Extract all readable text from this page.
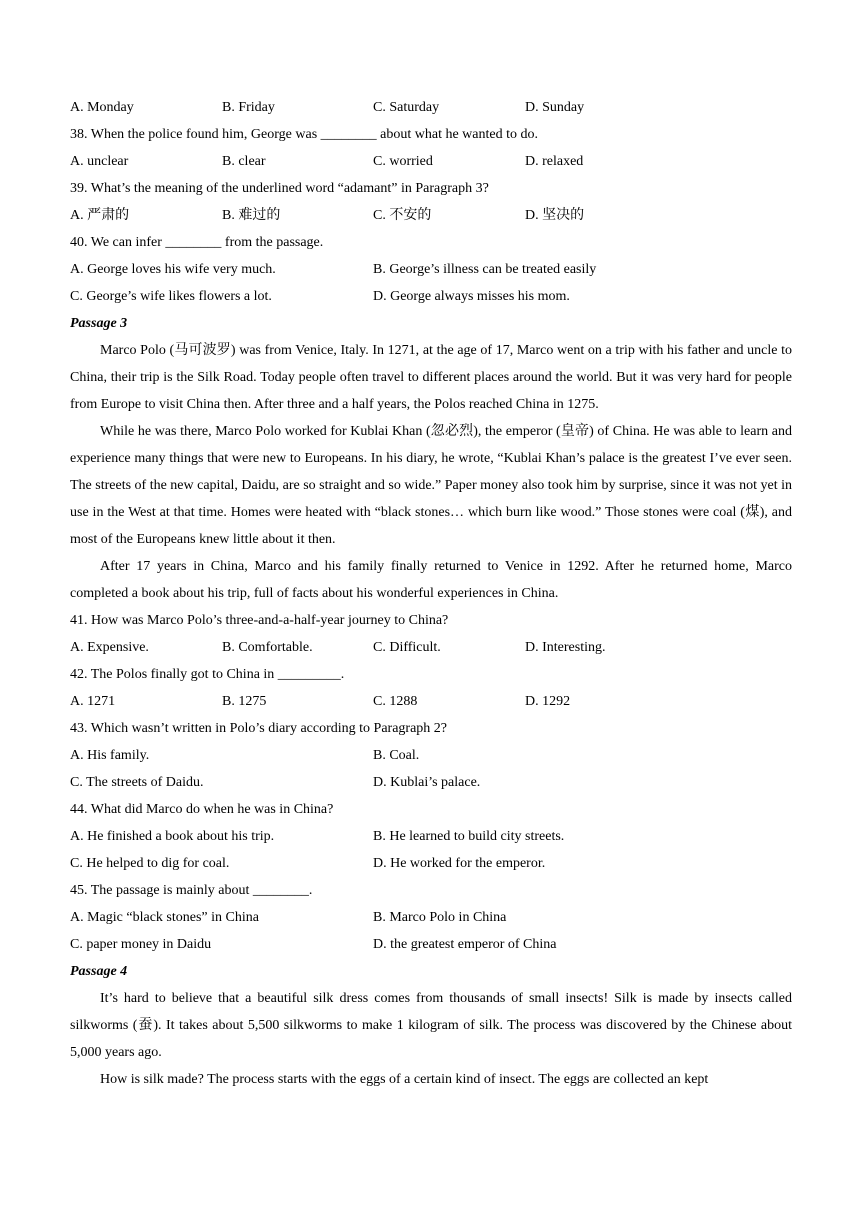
A. Monday	B. Friday	C. Saturday	D. Sunday
38. When the police found him, George was ________ about what he wanted to do.
A. unclear	B. clear	C. worried	D. relaxed
39. What’s the meaning of the underlined word “adamant” in Paragraph 3?
A. 严肃的	B. 难过的	C. 不安的	D. 坚决的
40. We can infer ________ from the passage.
A. George loves his wife very much.	B. George’s illness can be treated easily
C. George’s wife likes flowers a lot.	D. George always misses his mom.
Passage 3

Marco Polo (马可波罗) was from Venice, Italy. In 1271, at the age of 17, Marco went on a trip with his father and uncle to China, their trip is the Silk Road. Today people often travel to different places around the world. But it was very hard for people from Europe to visit China then. After three and a half years, the Polos reached China in 1275.

While he was there, Marco Polo worked for Kublai Khan (忽必烈), the emperor (皇帝) of China. He was able to learn and experience many things that were new to Europeans. In his diary, he wrote, “Kublai Khan’s palace is the greatest I’ve ever seen. The streets of the new capital, Daidu, are so straight and so wide.” Paper money also took him by surprise, since it was not yet in use in the West at that time. Homes were heated with “black stones… which burn like wood.” Those stones were coal (煤), and most of the Europeans knew little about it then.

After 17 years in China, Marco and his family finally returned to Venice in 1292. After he returned home, Marco completed a book about his trip, full of facts about his wonderful experiences in China.

41. How was Marco Polo’s three-and-a-half-year journey to China?
A. Expensive.	B. Comfortable.	C. Difficult.	D. Interesting.
42. The Polos finally got to China in _________.
A. 1271	B. 1275	C. 1288	D. 1292
43. Which wasn’t written in Polo’s diary according to Paragraph 2?
A. His family.	B. Coal.
C. The streets of Daidu.	D. Kublai’s palace.
44. What did Marco do when he was in China?
A. He finished a book about his trip.	B. He learned to build city streets.
C. He helped to dig for coal.	D. He worked for the emperor.
45. The passage is mainly about ________.
A. Magic “black stones” in China	B. Marco Polo in China
C. paper money in Daidu	D. the greatest emperor of China
Passage 4

It’s hard to believe that a beautiful silk dress comes from thousands of small insects! Silk is made by insects called silkworms (蚕). It takes about 5,500 silkworms to make 1 kilogram of silk. The process was discovered by the Chinese about 5,000 years ago.

How is silk made? The process starts with the eggs of a certain kind of insect. The eggs are collected an kept
